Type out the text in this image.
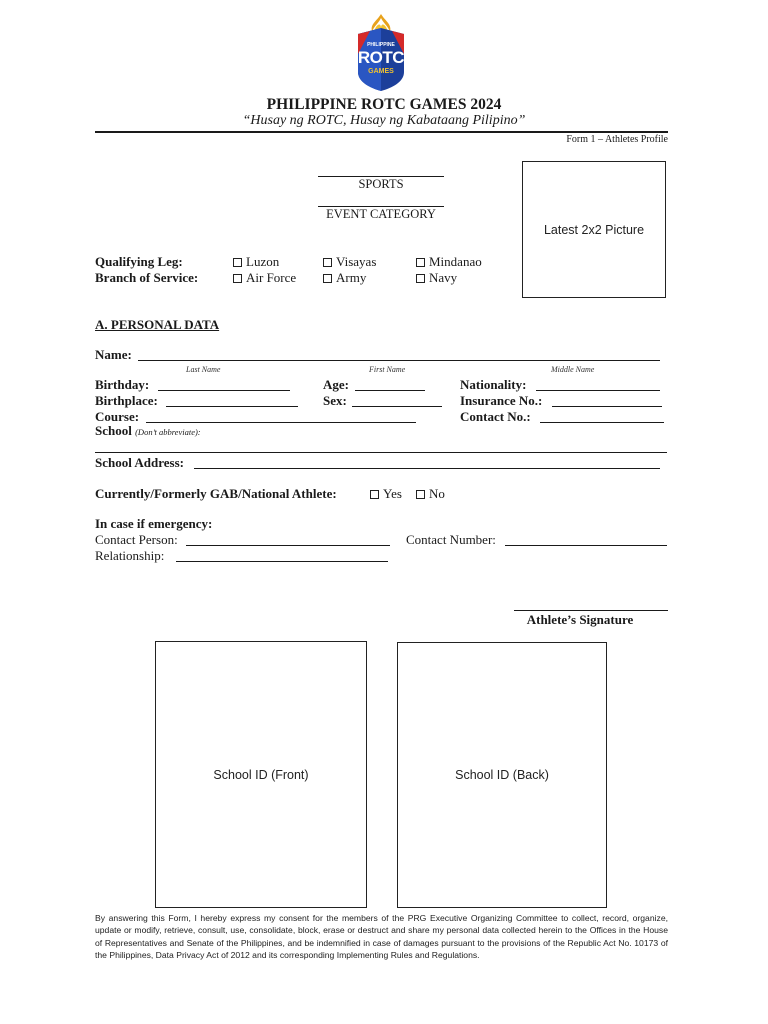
PHILIPPINE
ROTC
GAMES
PHILIPPINE ROTC GAMES 2024
“Husay ng ROTC, Husay ng Kabataang Pilipino”
Form 1 – Athletes Profile
SPORTS
EVENT CATEGORY
Latest 2x2 Picture
Qualifying Leg:	Luzon	Visayas	Mindanao
Branch of Service:	Air Force	Army	Navy
A. PERSONAL DATA
Name:
Last Name	First Name	Middle Name
Birthday:	Age:	Nationality:
Birthplace:	Sex:	Insurance No.:
Course:	Contact No.:
School (Don’t abbreviate):
School Address:
Currently/Formerly GAB/National Athlete:	Yes	No
In case if emergency:
Contact Person:	Contact Number:
Relationship:
Athlete’s Signature
School ID (Front)	School ID (Back)
By answering this Form, I hereby express my consent for the members of the PRG Executive Organizing Committee to collect, record, organize, update or modify, retrieve, consult, use, consolidate, block, erase or destruct and share my personal data collected herein to the Offices in the House of Representatives and Senate of the Philippines, and be indemnified in case of damages pursuant to the provisions of the Republic Act No. 10173 of the Philippines, Data Privacy Act of 2012 and its corresponding Implementing Rules and Regulations.
